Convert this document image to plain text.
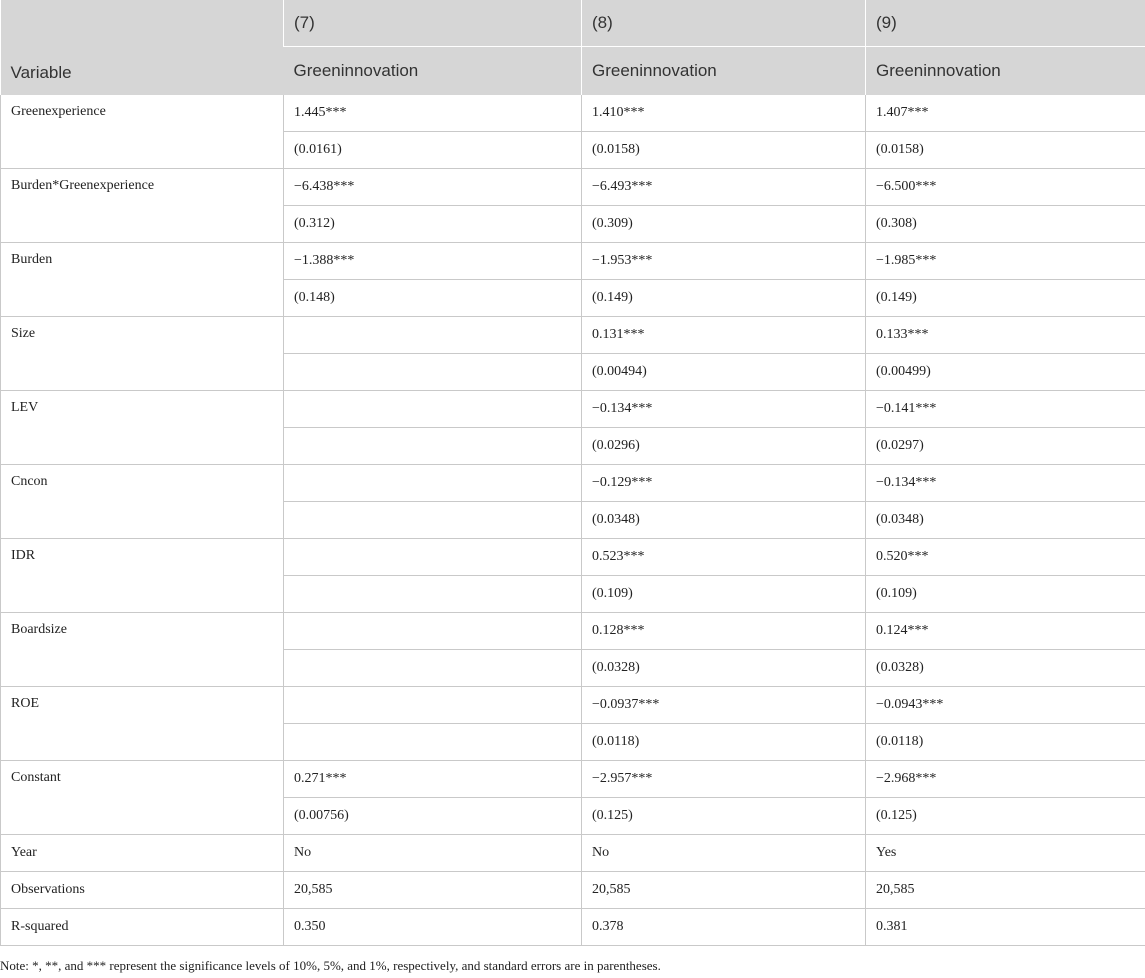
Variable	(7)	(8)	(9)
	Greeninnovation	Greeninnovation	Greeninnovation
Greenexperience	1.445***	1.410***	1.407***
	(0.0161)	(0.0158)	(0.0158)
Burden*Greenexperience	−6.438***	−6.493***	−6.500***
	(0.312)	(0.309)	(0.308)
Burden	−1.388***	−1.953***	−1.985***
	(0.148)	(0.149)	(0.149)
Size		0.131***	0.133***
		(0.00494)	(0.00499)
LEV		−0.134***	−0.141***
		(0.0296)	(0.0297)
Cncon		−0.129***	−0.134***
		(0.0348)	(0.0348)
IDR		0.523***	0.520***
		(0.109)	(0.109)
Boardsize		0.128***	0.124***
		(0.0328)	(0.0328)
ROE		−0.0937***	−0.0943***
		(0.0118)	(0.0118)
Constant	0.271***	−2.957***	−2.968***
	(0.00756)	(0.125)	(0.125)
Year	No	No	Yes
Observations	20,585	20,585	20,585
R-squared	0.350	0.378	0.381
Note: *, **, and *** represent the significance levels of 10%, 5%, and 1%, respectively, and standard errors are in parentheses.
